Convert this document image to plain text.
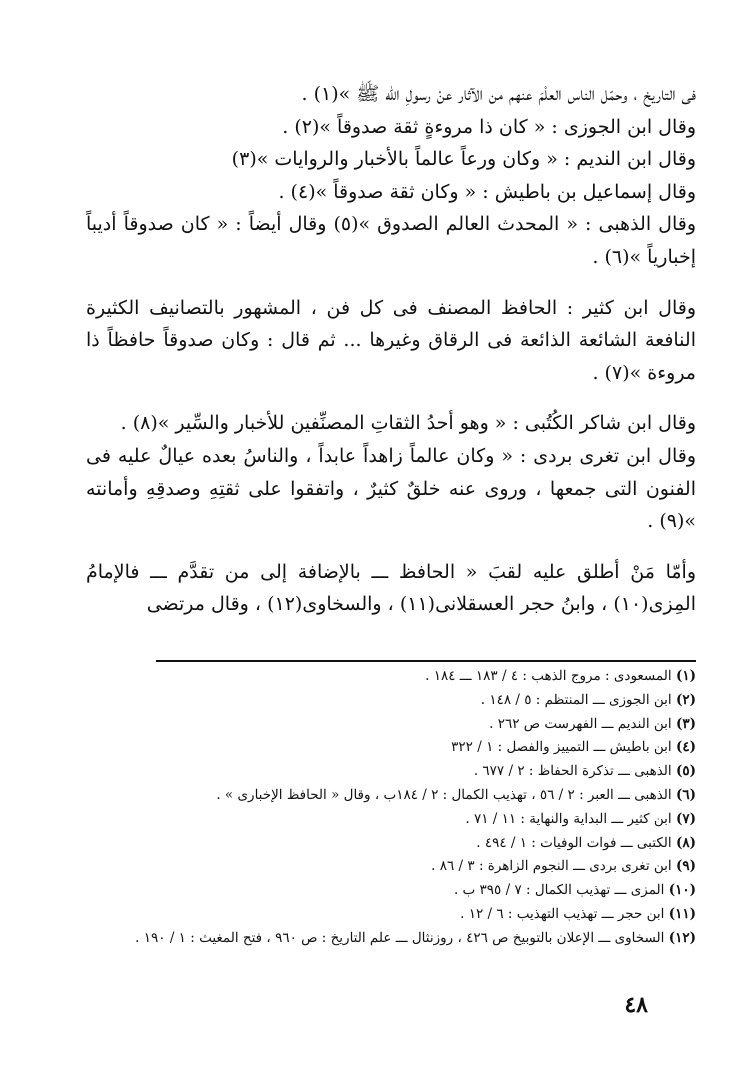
فى التاريخ ، وحمّل الناس العلْمَ عنهم من الآثار عنْ رسولِ الله ﷺ »(١) .

وقال ابن الجوزى : « كان ذا مروءةٍ ثقة صدوقاً »(٢) .

وقال ابن النديم : « وكان ورعاً عالماً بالأخبار والروايات »(٣)

وقال إسماعيل بن باطيش : « وكان ثقة صدوقاً »(٤) .

وقال الذهبى : « المحدث العالم الصدوق »(٥) وقال أيضاً : « كان صدوقاً أديباً إخبارياً »(٦) .

وقال ابن كثير : الحافظ المصنف فى كل فن ، المشهور بالتصانيف الكثيرة النافعة الشائعة الذائعة فى الرقاق وغيرها ... ثم قال : وكان صدوقاً حافظاً ذا مروءة »(٧) .

وقال ابن شاكر الكُتُبى : « وهو أحدُ الثقاتِ المصنِّفين للأخبار والسِّير »(٨) .

وقال ابن تغرى بردى : « وكان عالماً زاهداً عابداً ، والناسُ بعده عيالٌ عليه فى الفنون التى جمعها ، وروى عنه خلقٌ كثيرٌ ، واتفقوا على ثقتِهِ وصدقِهِ وأمانته »(٩) .

وأمّا مَنْ أطلق عليه لقبَ « الحافظ ـــ بالإضافة إلى من تقدَّم ـــ فالإمامُ المِزى(١٠) ، وابنُ حجر العسقلانى(١١) ، والسخاوى(١٢) ، وقال مرتضى

(١) المسعودى : مروج الذهب : ٤ / ١٨٣ ـــ ١٨٤ .

(٢) ابن الجوزى ـــ المنتظم : ٥ / ١٤٨ .

(٣) ابن النديم ـــ الفهرست ص ٢٦٢ .

(٤) ابن باطيش ـــ التمييز والفصل : ١ / ٣٢٢

(٥) الذهبى ـــ تذكرة الحفاظ : ٢ / ٦٧٧ .

(٦) الذهبى ـــ العبر : ٢ / ٥٦ ، تهذيب الكمال : ٢ / ١٨٤ب ، وقال « الحافظ الإخبارى » .

(٧) ابن كثير ـــ البداية والنهاية : ١١ / ٧١ .

(٨) الكتبى ـــ فوات الوفيات : ١ / ٤٩٤ .

(٩) ابن تغرى بردى ـــ النجوم الزاهرة : ٣ / ٨٦ .

(١٠) المزى ـــ تهذيب الكمال : ٧ / ٣٩٥ ب .

(١١) ابن حجر ـــ تهذيب التهذيب : ٦ / ١٢ .

(١٢) السخاوى ـــ الإعلان بالتوبيخ ص ٤٢٦ ، روزنثال ـــ علم التاريخ : ص ٩٦٠ ، فتح المغيث : ١ / ١٩٠ .

٤٨
